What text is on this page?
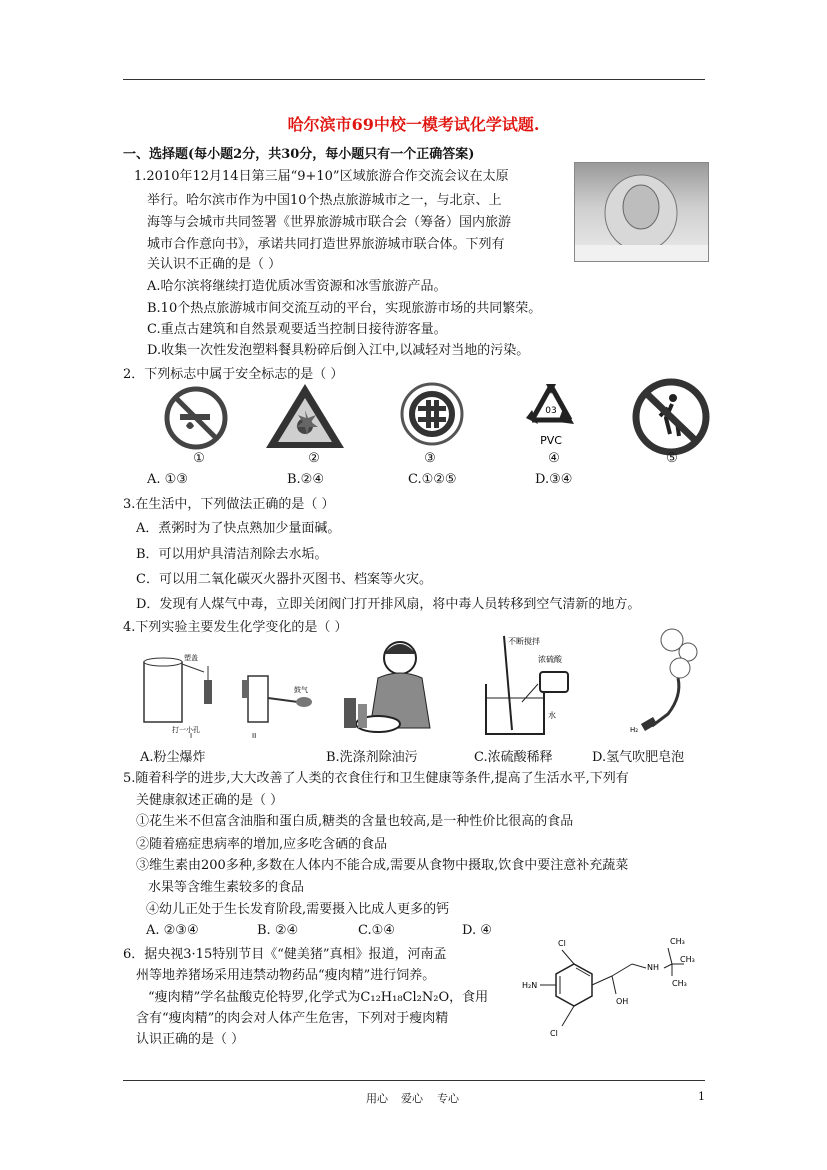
哈尔滨市69中校一模考试化学试题.
一、选择题(每小题2分，共30分，每小题只有一个正确答案)
1.2010年12月14日第三届“9+10”区域旅游合作交流会议在太原
举行。哈尔滨市作为中国10个热点旅游城市之一，与北京、上
海等与会城市共同签署《世界旅游城市联合会（筹备）国内旅游
城市合作意向书》，承诺共同打造世界旅游城市联合体。下列有
关认识不正确的是（ ）
A.哈尔滨将继续打造优质冰雪资源和冰雪旅游产品。
B.10个热点旅游城市间交流互动的平台，实现旅游市场的共同繁荣。
C.重点古建筑和自然景观要适当控制日接待游客量。
D.收集一次性发泡塑料餐具粉碎后倒入江中,以减轻对当地的污染。
2．下列标志中属于安全标志的是（ ）
03
PVC
①	②	③	④	⑤
A. ①③	B.②④	C.①②⑤	D.③④
3.在生活中，下列做法正确的是（ ）
A．煮粥时为了快点熟加少量面碱。
B．可以用炉具清洁剂除去水垢。
C．可以用二氧化碳灭火器扑灭图书、档案等火灾。
D．发现有人煤气中毒，立即关闭阀门打开排风扇，将中毒人员转移到空气清新的地方。
4.下列实验主要发生化学变化的是（ ）
塑盖
打一小孔
鼓气
I	II
不断搅拌
浓硫酸
水
H₂
A.粉尘爆炸	B.洗涤剂除油污	C.浓硫酸稀释	D.氢气吹肥皂泡
5.随着科学的进步,大大改善了人类的衣食住行和卫生健康等条件,提高了生活水平,下列有
关健康叙述正确的是（ ）
①花生米不但富含油脂和蛋白质,糖类的含量也较高,是一种性价比很高的食品
②随着癌症患病率的增加,应多吃含硒的食品
③维生素由200多种,多数在人体内不能合成,需要从食物中摄取,饮食中要注意补充蔬菜
水果等含维生素较多的食品
④幼儿正处于生长发育阶段,需要摄入比成人更多的钙
A. ②③④	B. ②④	C.①④	D. ④
6．据央视3·15特别节目《“健美猪”真相》报道，河南孟
州等地养猪场采用违禁动物药品“瘦肉精”进行饲养。
“瘦肉精”学名盐酸克伦特罗,化学式为C₁₂H₁₈Cl₂N₂O，食用
含有“瘦肉精”的肉会对人体产生危害，下列对于瘦肉精
认识正确的是（ ）
Cl
Cl
H₂N
OH
NH
CH₃
CH₃
CH₃
用心 爱心 专心	1
